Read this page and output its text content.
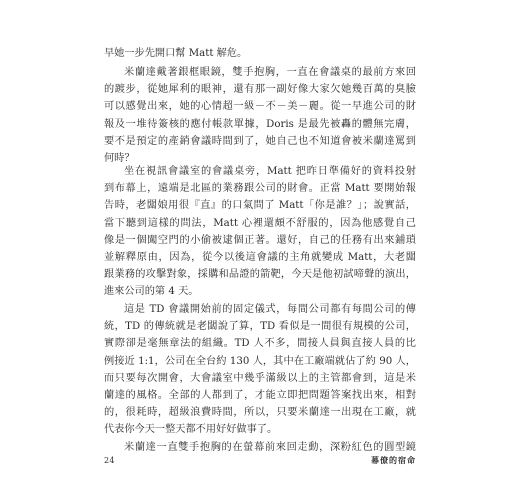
早她一步先開口幫 Matt 解危。
米蘭達戴著銀框眼鏡，雙手抱胸，一直在會議桌的最前方來回
的踱步，從她犀利的眼神，還有那一副好像大家欠她幾百萬的臭臉
可以感覺出來，她的心情超一級－不－美－麗。從一早進公司的財
報及一堆待簽核的應付帳款單據，Doris 是最先被轟的體無完膚，
要不是預定的產銷會議時間到了，她自己也不知道會被米蘭達罵到
何時？
坐在視訊會議室的會議桌旁，Matt 把昨日準備好的資料投射
到布幕上，遠端是北區的業務跟公司的財會。正當 Matt 要開始報
告時，老闆娘用很『直』的口氣問了 Matt「你是誰？」；說實話，
當下聽到這樣的問法，Matt 心裡還頗不舒服的，因為他感覺自己
像是一個闖空門的小偷被逮個正著。還好，自己的任務有出來鋪瑣
並解釋原由，因為，從今以後這會議的主角就變成 Matt，大老闆
跟業務的攻擊對象，採購和品證的箭靶，今天是他初試啼聲的演出，
進來公司的第 4 天。
這是 TD 會議開始前的固定儀式，每間公司都有每間公司的傳
統，TD 的傳統就是老闆說了算，TD 看似是一間很有規模的公司，
實際卻是毫無章法的組織。TD 人不多，間接人員與直接人員的比
例接近 1:1，公司在全台約 130 人，其中在工廠端就佔了約 90 人，
而只要每次開會，大會議室中幾乎滿級以上的主管都會到，這是米
蘭達的風格。全部的人都到了，才能立即把問題答案找出來，相對
的，很耗時，超級浪費時間，所以，只要米蘭達一出現在工廠，就
代表你今天一整天都不用好好做事了。
米蘭達一直雙手抱胸的在螢幕前來回走動，深粉紅色的圓型鏡
24	幕僚的宿命
